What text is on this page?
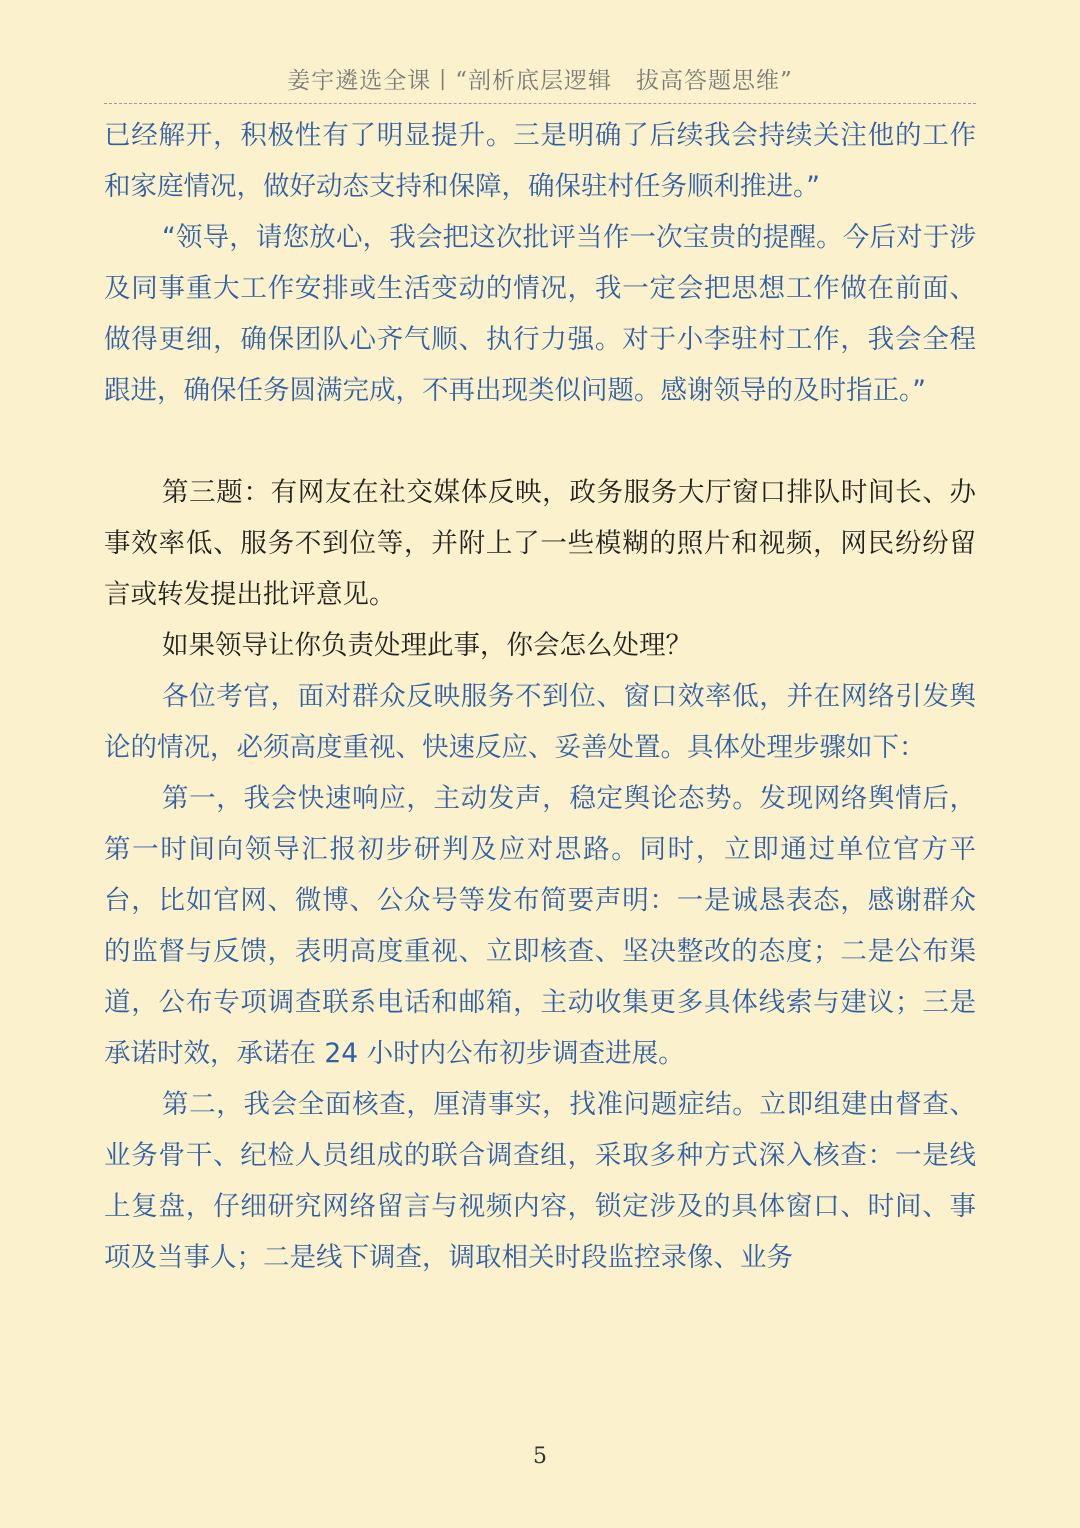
姜宇遴选全课丨“剖析底层逻辑　拔高答题思维”

已经解开，积极性有了明显提升。三是明确了后续我会持续关注他的工作和家庭情况，做好动态支持和保障，确保驻村任务顺利推进。”

“领导，请您放心，我会把这次批评当作一次宝贵的提醒。今后对于涉及同事重大工作安排或生活变动的情况，我一定会把思想工作做在前面、做得更细，确保团队心齐气顺、执行力强。对于小李驻村工作，我会全程跟进，确保任务圆满完成，不再出现类似问题。感谢领导的及时指正。”

第三题：有网友在社交媒体反映，政务服务大厅窗口排队时间长、办事效率低、服务不到位等，并附上了一些模糊的照片和视频，网民纷纷留言或转发提出批评意见。

如果领导让你负责处理此事，你会怎么处理？

各位考官，面对群众反映服务不到位、窗口效率低，并在网络引发舆论的情况，必须高度重视、快速反应、妥善处置。具体处理步骤如下：

第一，我会快速响应，主动发声，稳定舆论态势。发现网络舆情后，第一时间向领导汇报初步研判及应对思路。同时，立即通过单位官方平台，比如官网、微博、公众号等发布简要声明：一是诚恳表态，感谢群众的监督与反馈，表明高度重视、立即核查、坚决整改的态度；二是公布渠道，公布专项调查联系电话和邮箱，主动收集更多具体线索与建议；三是承诺时效，承诺在 24 小时内公布初步调查进展。

第二，我会全面核查，厘清事实，找准问题症结。立即组建由督查、业务骨干、纪检人员组成的联合调查组，采取多种方式深入核查：一是线上复盘，仔细研究网络留言与视频内容，锁定涉及的具体窗口、时间、事项及当事人；二是线下调查，调取相关时段监控录像、业务

5
